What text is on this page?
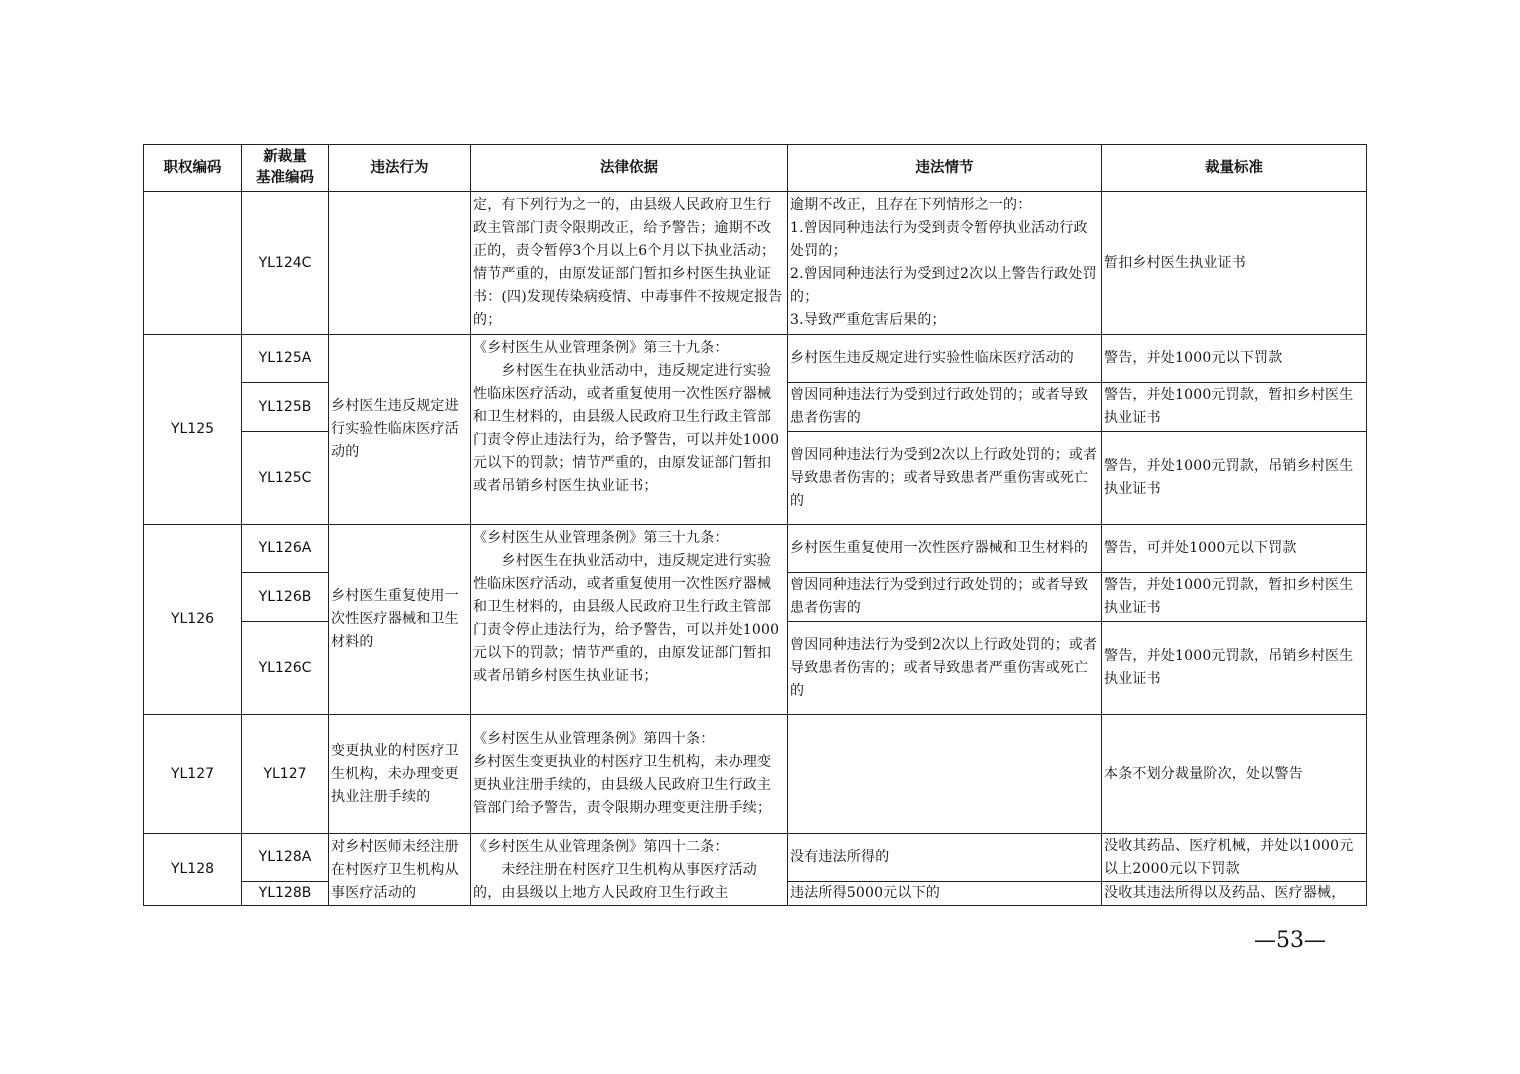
职权编码	新裁量
基准编码	违法行为	法律依据	违法情节	裁量标准
	YL124C		定，有下列行为之一的，由县级人民政府卫生行政主管部门责令限期改正，给予警告；逾期不改正的，责令暂停3个月以上6个月以下执业活动；情节严重的，由原发证部门暂扣乡村医生执业证书：(四)发现传染病疫情、中毒事件不按规定报告的；	逾期不改正，且存在下列情形之一的：
1.曾因同种违法行为受到责令暂停执业活动行政处罚的；
2.曾因同种违法行为受到过2次以上警告行政处罚的；
3.导致严重危害后果的；	暂扣乡村医生执业证书
YL125	YL125A	乡村医生违反规定进行实验性临床医疗活动的	《乡村医生从业管理条例》第三十九条：
　　乡村医生在执业活动中，违反规定进行实验性临床医疗活动，或者重复使用一次性医疗器械和卫生材料的，由县级人民政府卫生行政主管部门责令停止违法行为，给予警告，可以并处1000元以下的罚款；情节严重的，由原发证部门暂扣或者吊销乡村医生执业证书；	乡村医生违反规定进行实验性临床医疗活动的	警告，并处1000元以下罚款
	YL125B			曾因同种违法行为受到过行政处罚的；或者导致患者伤害的	警告，并处1000元罚款，暂扣乡村医生执业证书
	YL125C			曾因同种违法行为受到2次以上行政处罚的；或者导致患者伤害的；或者导致患者严重伤害或死亡的	警告，并处1000元罚款，吊销乡村医生执业证书
YL126	YL126A	乡村医生重复使用一次性医疗器械和卫生材料的	《乡村医生从业管理条例》第三十九条：
　　乡村医生在执业活动中，违反规定进行实验性临床医疗活动，或者重复使用一次性医疗器械和卫生材料的，由县级人民政府卫生行政主管部门责令停止违法行为，给予警告，可以并处1000元以下的罚款；情节严重的，由原发证部门暂扣或者吊销乡村医生执业证书；	乡村医生重复使用一次性医疗器械和卫生材料的	警告，可并处1000元以下罚款
	YL126B			曾因同种违法行为受到过行政处罚的；或者导致患者伤害的	警告，并处1000元罚款，暂扣乡村医生执业证书
	YL126C			曾因同种违法行为受到2次以上行政处罚的；或者导致患者伤害的；或者导致患者严重伤害或死亡的	警告，并处1000元罚款，吊销乡村医生执业证书
YL127	YL127	变更执业的村医疗卫生机构，未办理变更执业注册手续的	《乡村医生从业管理条例》第四十条：
乡村医生变更执业的村医疗卫生机构，未办理变更执业注册手续的，由县级人民政府卫生行政主管部门给予警告，责令限期办理变更注册手续；		本条不划分裁量阶次，处以警告
YL128	YL128A	对乡村医师未经注册在村医疗卫生机构从事医疗活动的	《乡村医生从业管理条例》第四十二条：
　　未经注册在村医疗卫生机构从事医疗活动的，由县级以上地方人民政府卫生行政主	没有违法所得的	没收其药品、医疗机械，并处以1000元以上2000元以下罚款
	YL128B			违法所得5000元以下的	没收其违法所得以及药品、医疗器械，
—53—
